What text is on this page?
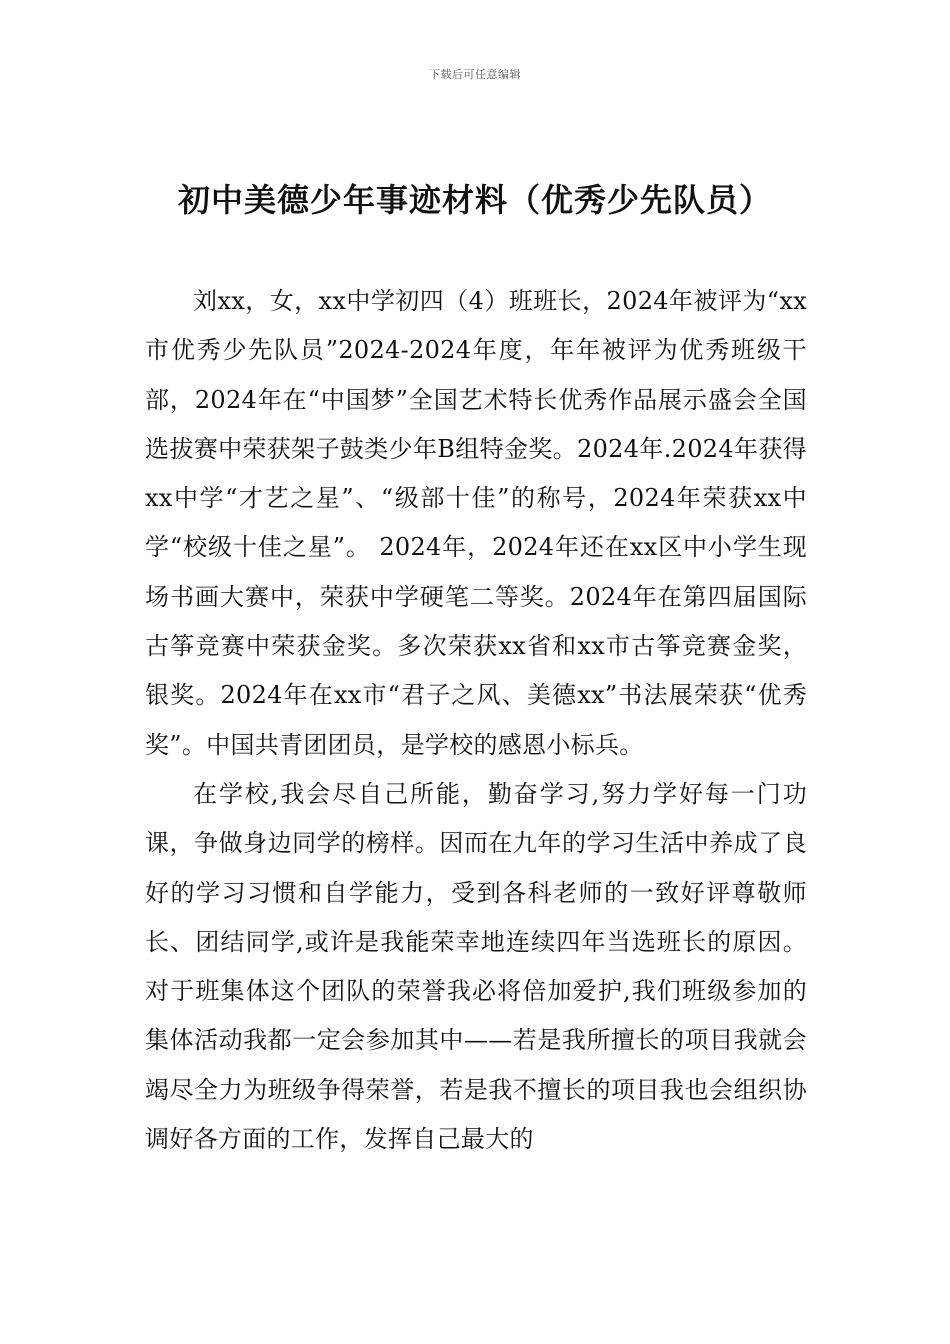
下载后可任意编辑
初中美德少年事迹材料（优秀少先队员）

刘xx，女，xx中学初四（4）班班长，2024年被评为“xx市优秀少先队员”2024-2024年度，年年被评为优秀班级干部，2024年在“中国梦”全国艺术特长优秀作品展示盛会全国选拔赛中荣获架子鼓类少年B组特金奖。2024年.2024年获得xx中学“才艺之星”、“级部十佳”的称号，2024年荣获xx中学“校级十佳之星”。 2024年，2024年还在xx区中小学生现场书画大赛中，荣获中学硬笔二等奖。2024年在第四届国际古筝竞赛中荣获金奖。多次荣获xx省和xx市古筝竞赛金奖，银奖。2024年在xx市“君子之风、美德xx”书法展荣获“优秀奖”。中国共青团团员，是学校的感恩小标兵。

在学校,我会尽自己所能，勤奋学习,努力学好每一门功课，争做身边同学的榜样。因而在九年的学习生活中养成了良好的学习习惯和自学能力，受到各科老师的一致好评尊敬师长、团结同学,或许是我能荣幸地连续四年当选班长的原因。对于班集体这个团队的荣誉我必将倍加爱护,我们班级参加的集体活动我都一定会参加其中——若是我所擅长的项目我就会竭尽全力为班级争得荣誉，若是我不擅长的项目我也会组织协调好各方面的工作，发挥自己最大的
